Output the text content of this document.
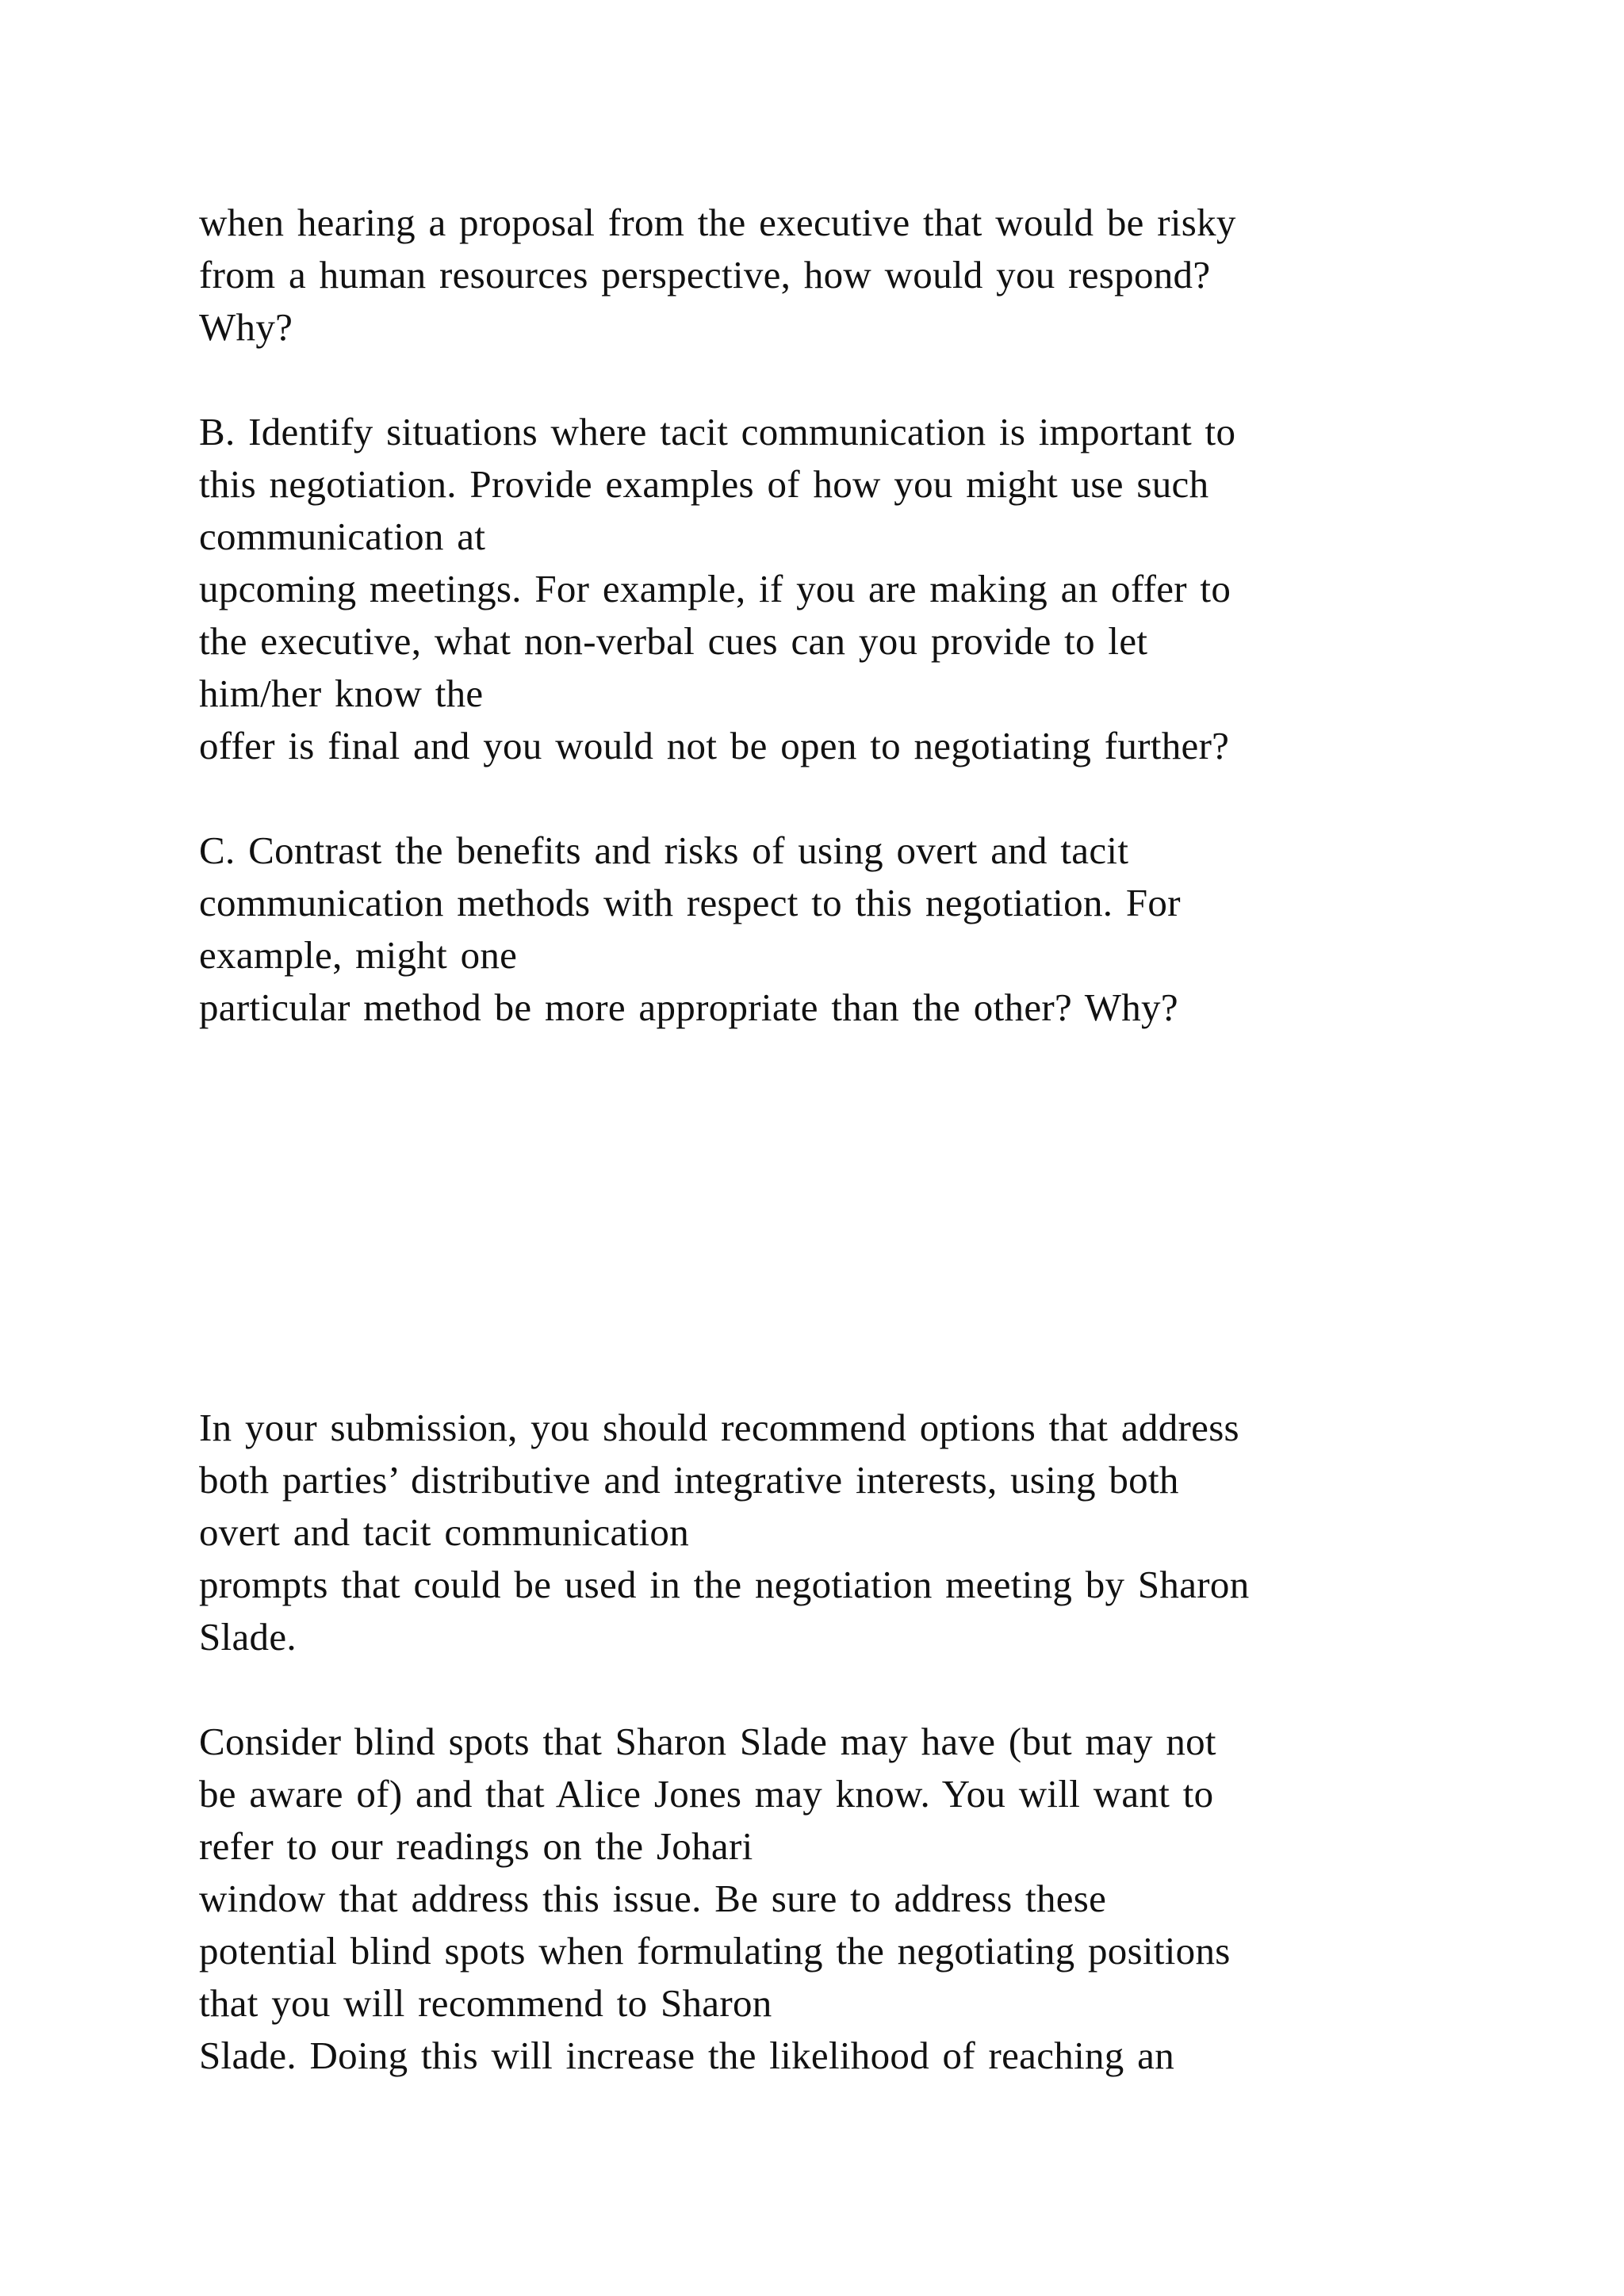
when hearing a proposal from the executive that would be risky

from a human resources perspective, how would you respond?

Why?

B. Identify situations where tacit communication is important to

this negotiation. Provide examples of how you might use such

communication at

upcoming meetings. For example, if you are making an offer to

the executive, what non-verbal cues can you provide to let

him/her know the

offer is final and you would not be open to negotiating further?

C. Contrast the benefits and risks of using overt and tacit

communication methods with respect to this negotiation. For

example, might one

particular method be more appropriate than the other? Why?

In your submission, you should recommend options that address

both parties’ distributive and integrative interests, using both

overt and tacit communication

prompts that could be used in the negotiation meeting by Sharon

Slade.

Consider blind spots that Sharon Slade may have (but may not

be aware of) and that Alice Jones may know. You will want to

refer to our readings on the Johari

window that address this issue. Be sure to address these

potential blind spots when formulating the negotiating positions

that you will recommend to Sharon

Slade. Doing this will increase the likelihood of reaching an
